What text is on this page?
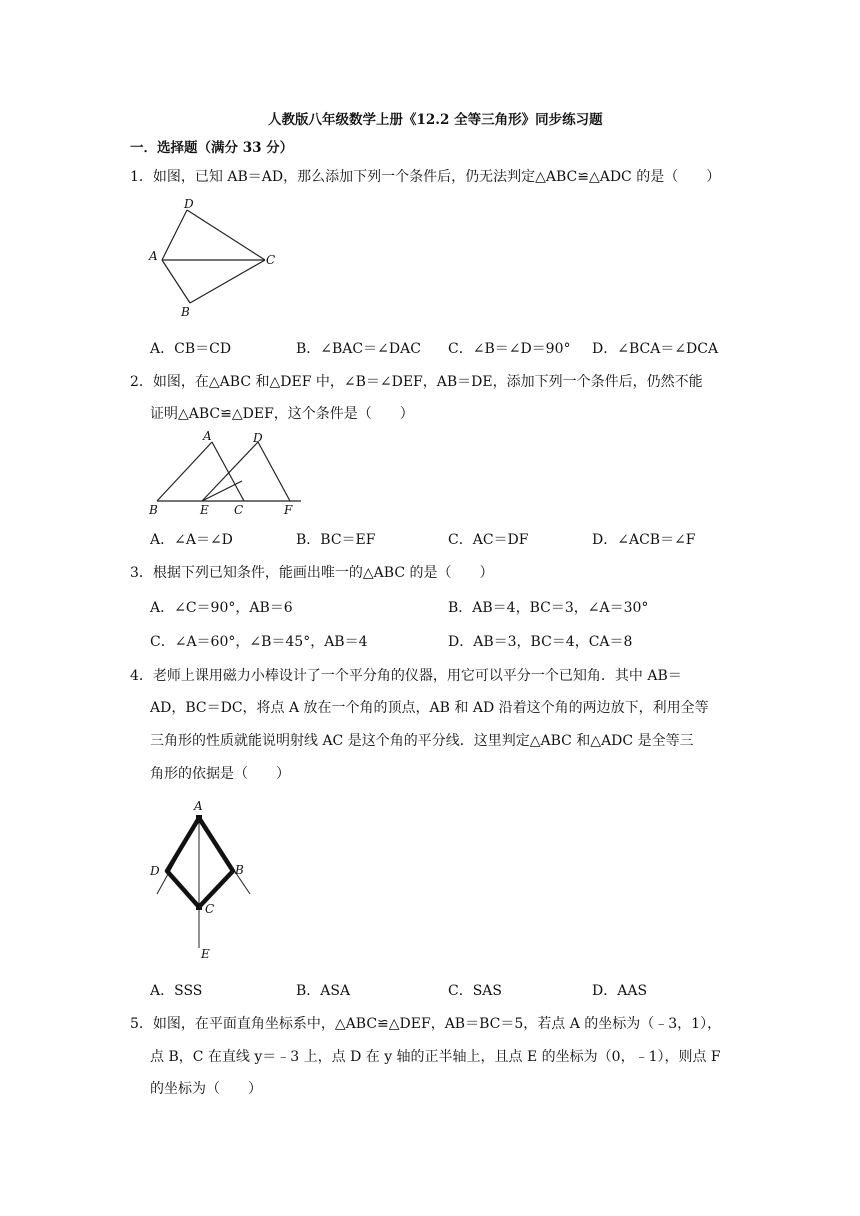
人教版八年级数学上册《12.2 全等三角形》同步练习题
一．选择题（满分 33 分）
1．如图，已知 AB＝AD，那么添加下列一个条件后，仍无法判定△ABC≌△ADC 的是（　　）
D
A	C
B
A．CB＝CD	B．∠BAC＝∠DAC C．∠B＝∠D＝90° D．∠BCA＝∠DCA
2．如图，在△ABC 和△DEF 中，∠B＝∠DEF，AB＝DE，添加下列一个条件后，仍然不能
证明△ABC≌△DEF，这个条件是（　　）
A	D
B	E C	F
A．∠A＝∠D	B．BC＝EF	C．AC＝DF	D．∠ACB＝∠F
3．根据下列已知条件，能画出唯一的△ABC 的是（　　）
A．∠C＝90°，AB＝6	B．AB＝4，BC＝3，∠A＝30°
C．∠A＝60°，∠B＝45°，AB＝4	D．AB＝3，BC＝4，CA＝8
4．老师上课用磁力小棒设计了一个平分角的仪器，用它可以平分一个已知角．其中 AB＝
AD，BC＝DC，将点 A 放在一个角的顶点，AB 和 AD 沿着这个角的两边放下，利用全等
三角形的性质就能说明射线 AC 是这个角的平分线．这里判定△ABC 和△ADC 是全等三
角形的依据是（　　）
A
D	B
C
E
A．SSS	B．ASA	C．SAS	D．AAS
5．如图，在平面直角坐标系中，△ABC≌△DEF，AB＝BC＝5，若点 A 的坐标为（﹣3，1），
点 B，C 在直线 y＝﹣3 上，点 D 在 y 轴的正半轴上，且点 E 的坐标为（0，﹣1），则点 F
的坐标为（　　）
